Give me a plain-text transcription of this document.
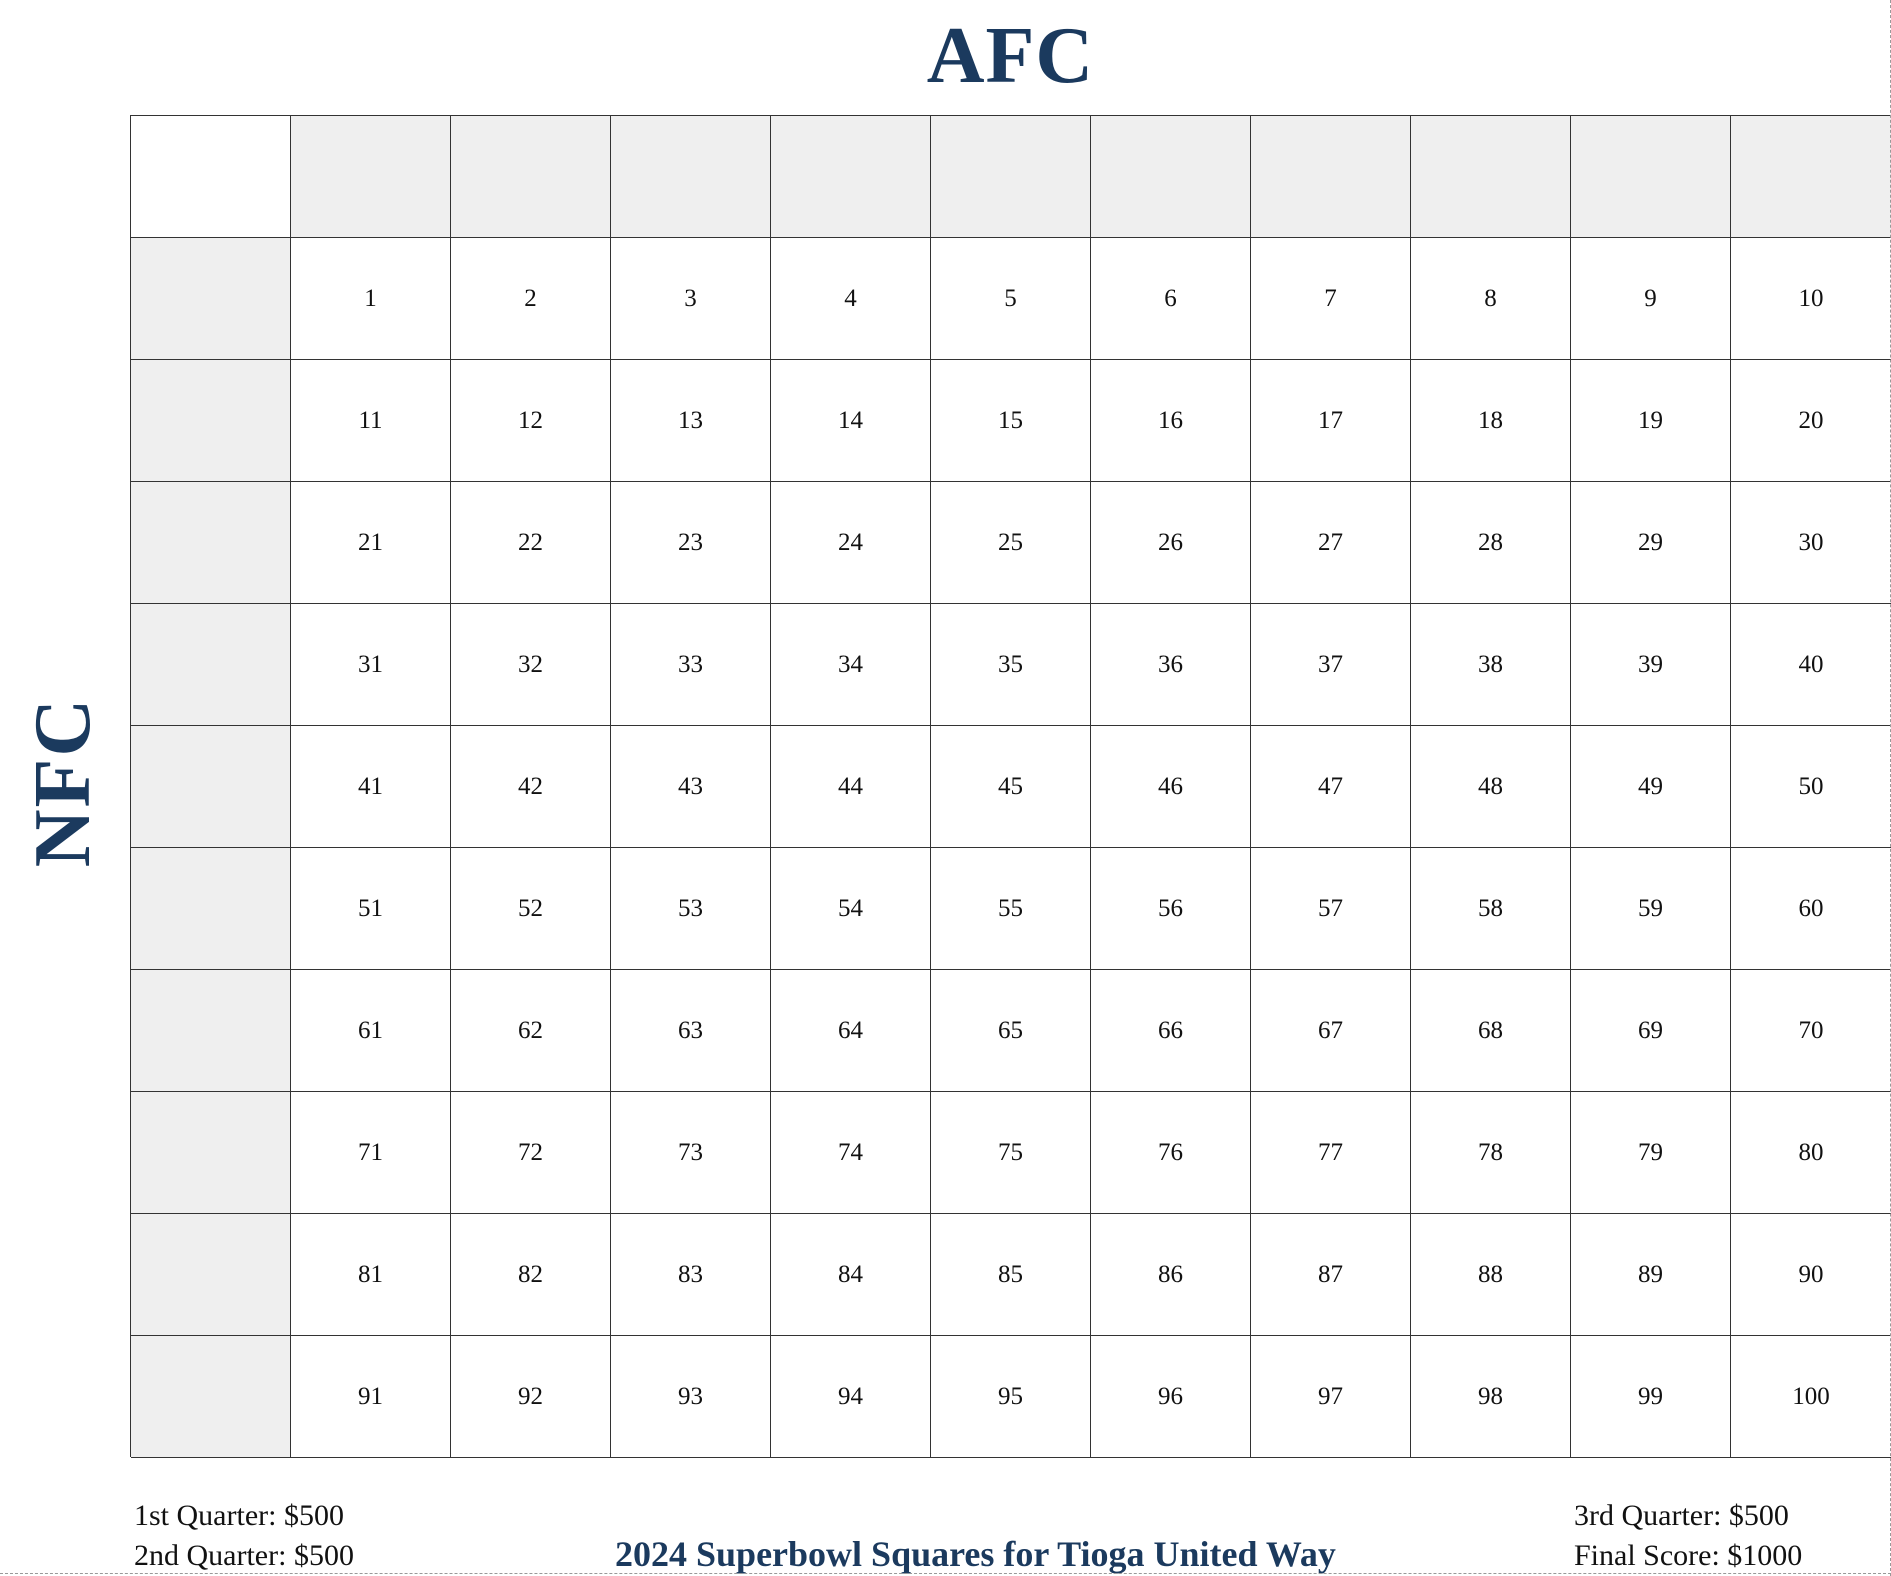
AFC
NFC
1	2	3	4	5	6	7	8	9	10
11	12	13	14	15	16	17	18	19	20
21	22	23	24	25	26	27	28	29	30
31	32	33	34	35	36	37	38	39	40
41	42	43	44	45	46	47	48	49	50
51	52	53	54	55	56	57	58	59	60
61	62	63	64	65	66	67	68	69	70
71	72	73	74	75	76	77	78	79	80
81	82	83	84	85	86	87	88	89	90
91	92	93	94	95	96	97	98	99	100
1st Quarter: $500
2nd Quarter: $500	2024 Superbowl Squares for Tioga United Way
3rd Quarter: $500
Final Score: $1000
